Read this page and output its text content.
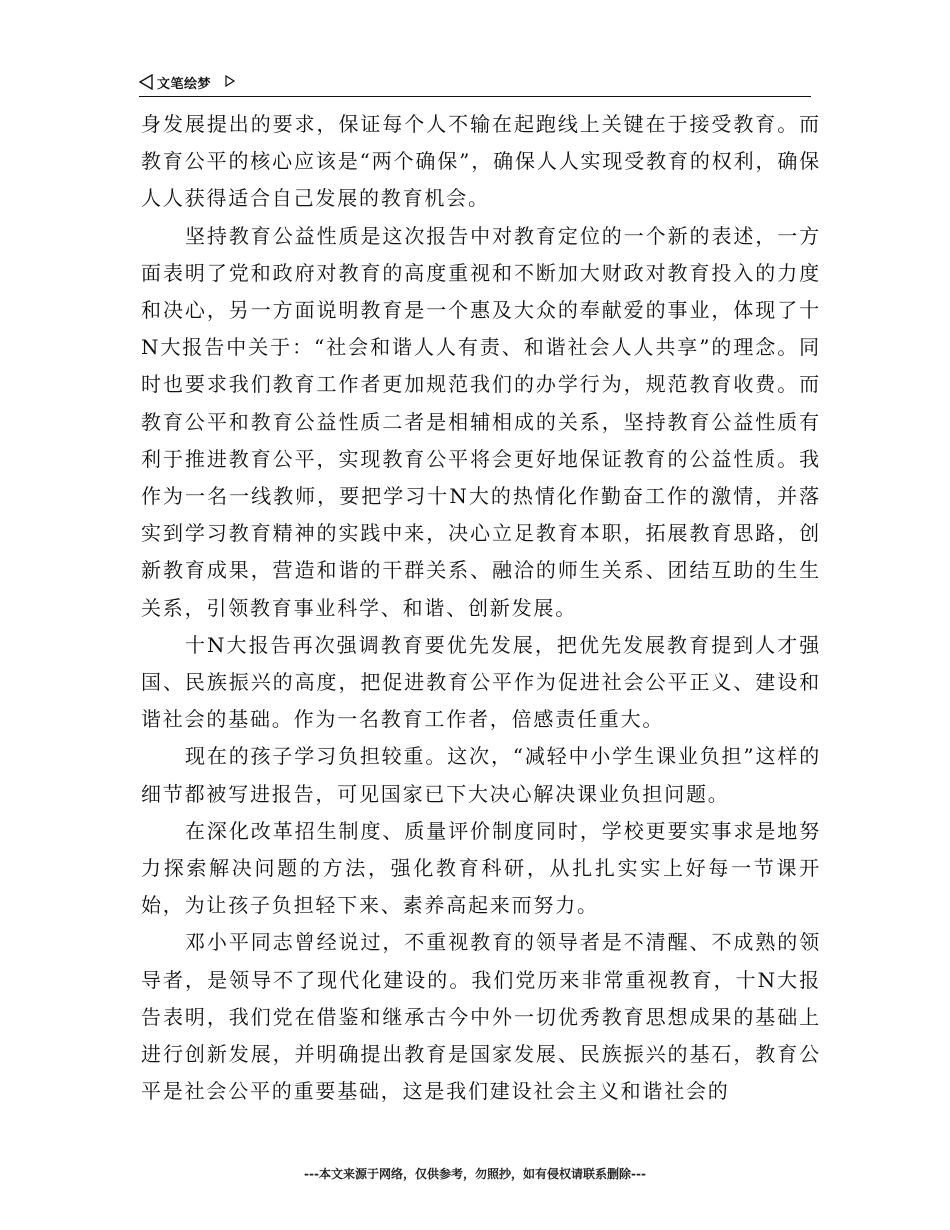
文笔绘梦

身发展提出的要求，保证每个人不输在起跑线上关键在于接受教育。而教育公平的核心应该是“两个确保”，确保人人实现受教育的权利，确保人人获得适合自己发展的教育机会。

坚持教育公益性质是这次报告中对教育定位的一个新的表述，一方面表明了党和政府对教育的高度重视和不断加大财政对教育投入的力度和决心，另一方面说明教育是一个惠及大众的奉献爱的事业，体现了十N大报告中关于：“社会和谐人人有责、和谐社会人人共享”的理念。同时也要求我们教育工作者更加规范我们的办学行为，规范教育收费。而教育公平和教育公益性质二者是相辅相成的关系，坚持教育公益性质有利于推进教育公平，实现教育公平将会更好地保证教育的公益性质。我作为一名一线教师，要把学习十N大的热情化作勤奋工作的激情，并落实到学习教育精神的实践中来，决心立足教育本职，拓展教育思路，创新教育成果，营造和谐的干群关系、融洽的师生关系、团结互助的生生关系，引领教育事业科学、和谐、创新发展。

十N大报告再次强调教育要优先发展，把优先发展教育提到人才强国、民族振兴的高度，把促进教育公平作为促进社会公平正义、建设和谐社会的基础。作为一名教育工作者，倍感责任重大。

现在的孩子学习负担较重。这次，“减轻中小学生课业负担”这样的细节都被写进报告，可见国家已下大决心解决课业负担问题。

在深化改革招生制度、质量评价制度同时，学校更要实事求是地努力探索解决问题的方法，强化教育科研，从扎扎实实上好每一节课开始，为让孩子负担轻下来、素养高起来而努力。

邓小平同志曾经说过，不重视教育的领导者是不清醒、不成熟的领导者，是领导不了现代化建设的。我们党历来非常重视教育，十N大报告表明，我们党在借鉴和继承古今中外一切优秀教育思想成果的基础上进行创新发展，并明确提出教育是国家发展、民族振兴的基石，教育公平是社会公平的重要基础，这是我们建设社会主义和谐社会的

---本文来源于网络，仅供参考，勿照抄，如有侵权请联系删除---
